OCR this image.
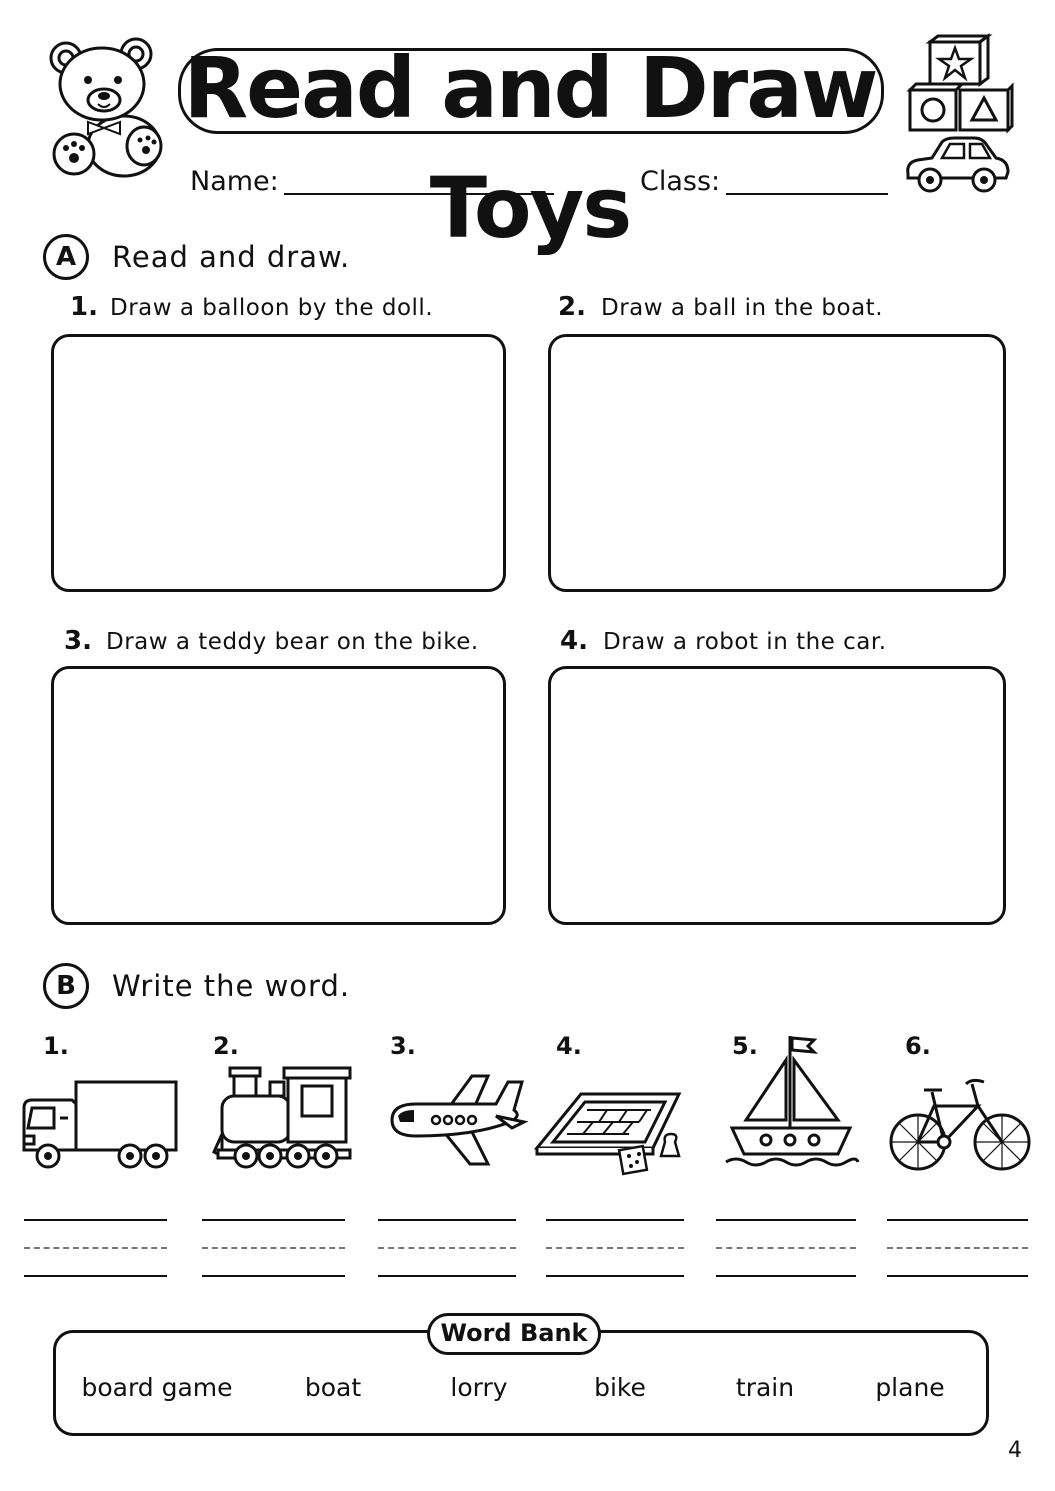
Read and Draw Toys
Name:	Class:
A	Read and draw.
1. Draw a balloon by the doll.	2. Draw a ball in the boat.
3. Draw a teddy bear on the bike.	4. Draw a robot in the car.
B	Write the word.
1.	2.	3.	4.	5.	6.
Word Bank
board game	boat	lorry	bike	train	plane
4
